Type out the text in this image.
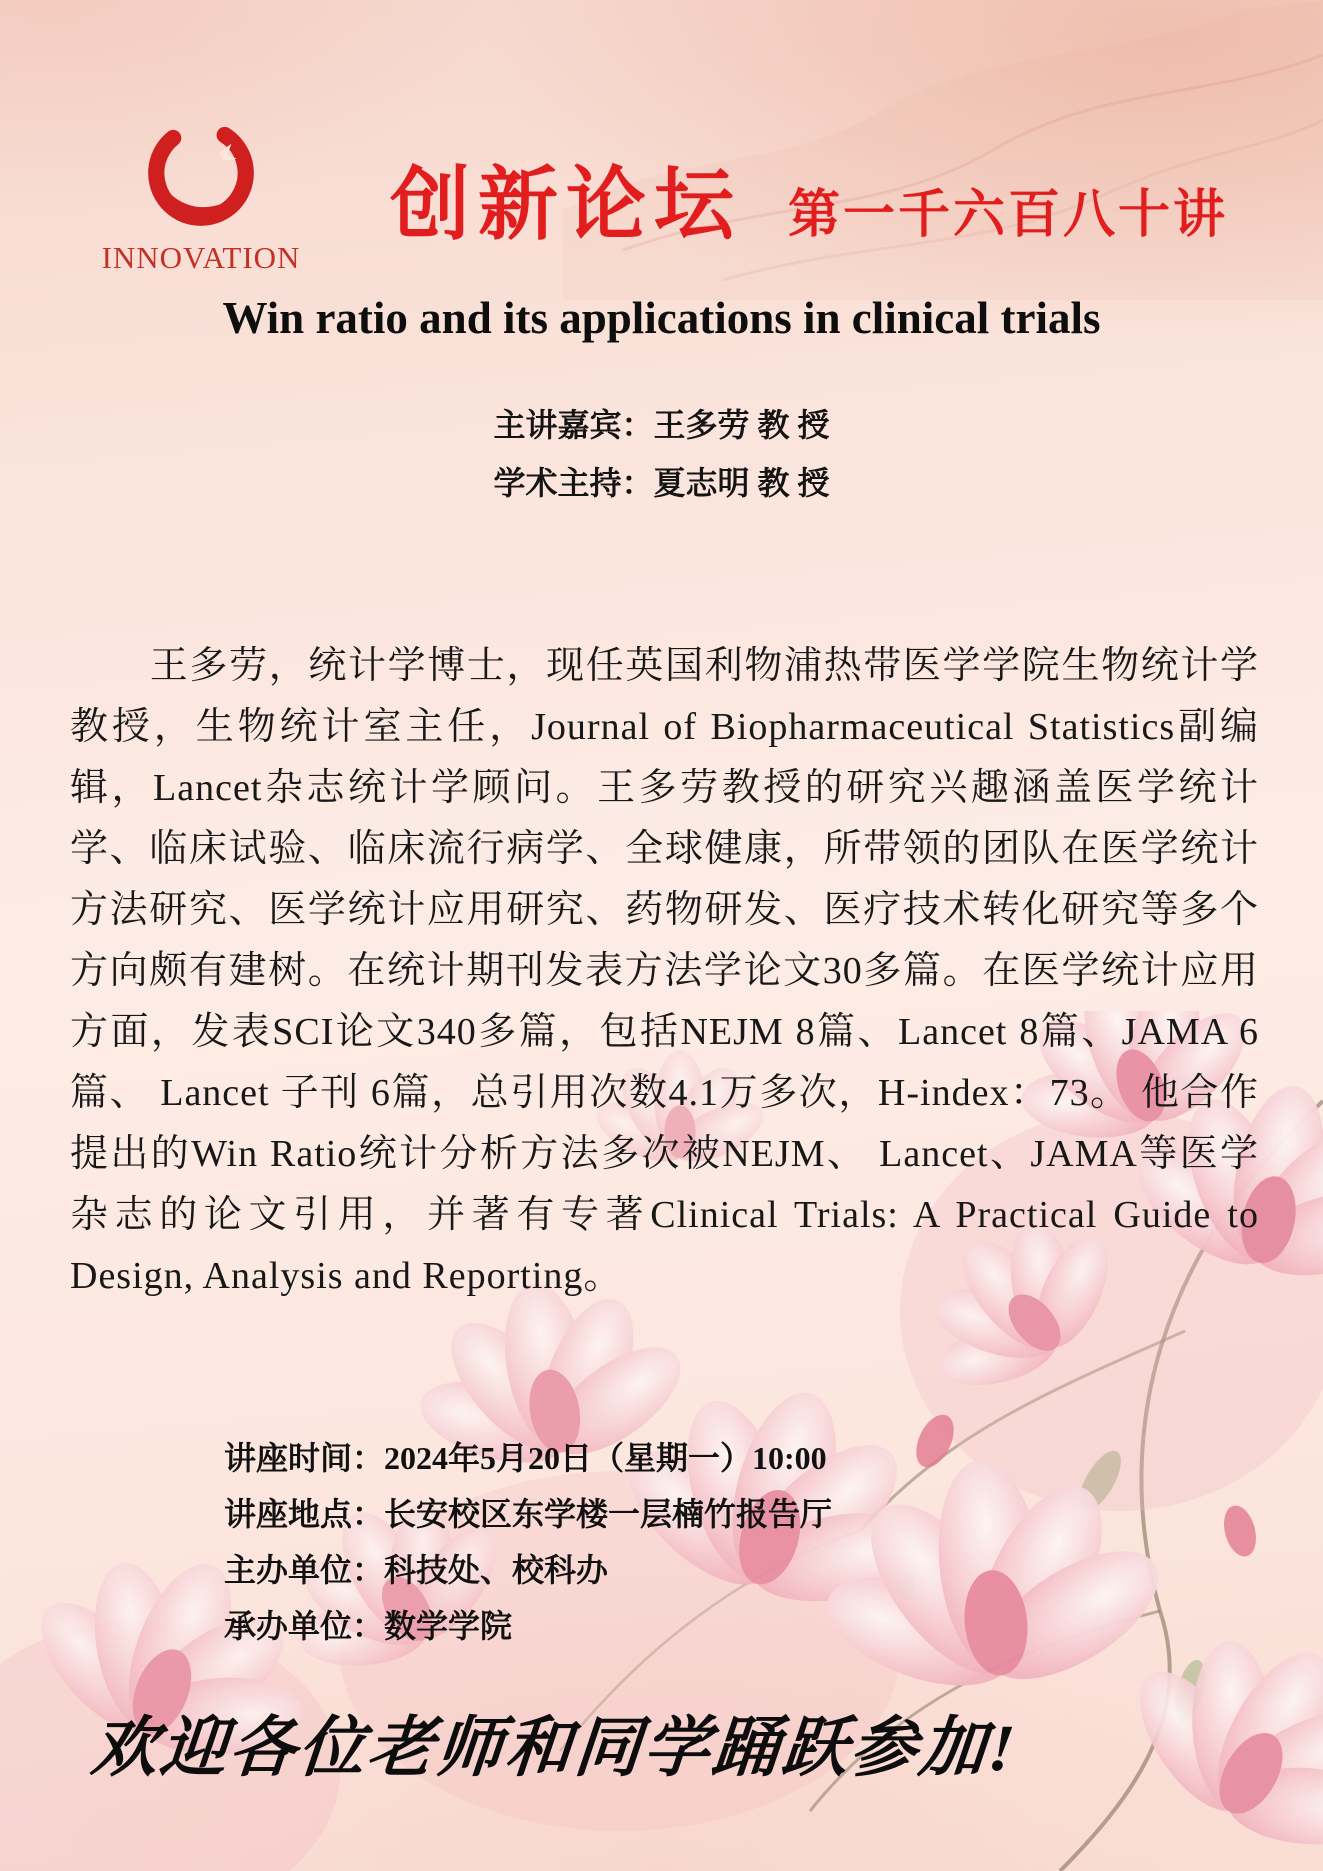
INNOVATION
创新论坛 第一千六百八十讲
Win ratio and its applications in clinical trials
主讲嘉宾：王多劳 教 授
学术主持：夏志明 教 授
王多劳，统计学博士，现任英国利物浦热带医学学院生物统计学教授，生物统计室主任，Journal of Biopharmaceutical Statistics副编辑，Lancet杂志统计学顾问。王多劳教授的研究兴趣涵盖医学统计学、临床试验、临床流行病学、全球健康，所带领的团队在医学统计方法研究、医学统计应用研究、药物研发、医疗技术转化研究等多个方向颇有建树。在统计期刊发表方法学论文30多篇。在医学统计应用方面，发表SCI论文340多篇，包括NEJM 8篇、Lancet 8篇、JAMA 6篇、 Lancet 子刊 6篇，总引用次数4.1万多次，H-index：73。 他合作提出的Win Ratio统计分析方法多次被NEJM、 Lancet、JAMA等医学杂志的论文引用，并著有专著Clinical Trials: A Practical Guide to Design, Analysis and Reporting。
讲座时间：2024年5月20日（星期一）10:00
讲座地点：长安校区东学楼一层楠竹报告厅
主办单位：科技处、校科办
承办单位：数学学院
欢迎各位老师和同学踊跃参加!
